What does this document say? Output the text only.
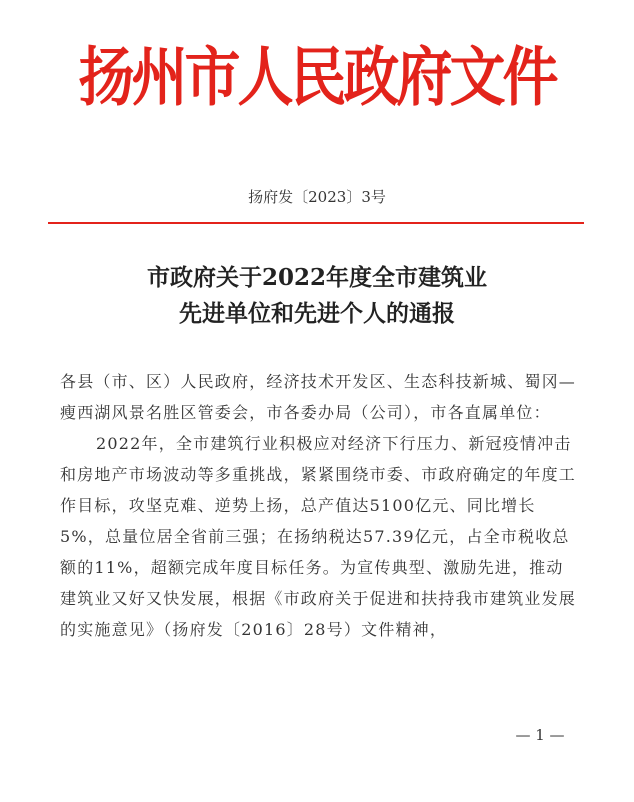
扬州市人民政府文件
扬府发〔2023〕3号
市政府关于2022年度全市建筑业
先进单位和先进个人的通报

各县（市、区）人民政府，经济技术开发区、生态科技新城、蜀冈—瘦西湖风景名胜区管委会，市各委办局（公司），市各直属单位：

2022年，全市建筑行业积极应对经济下行压力、新冠疫情冲击和房地产市场波动等多重挑战，紧紧围绕市委、市政府确定的年度工作目标，攻坚克难、逆势上扬，总产值达5100亿元、同比增长5%，总量位居全省前三强；在扬纳税达57.39亿元，占全市税收总额的11%，超额完成年度目标任务。为宣传典型、激励先进，推动建筑业又好又快发展，根据《市政府关于促进和扶持我市建筑业发展的实施意见》（扬府发〔2016〕28号）文件精神，

— 1 —
